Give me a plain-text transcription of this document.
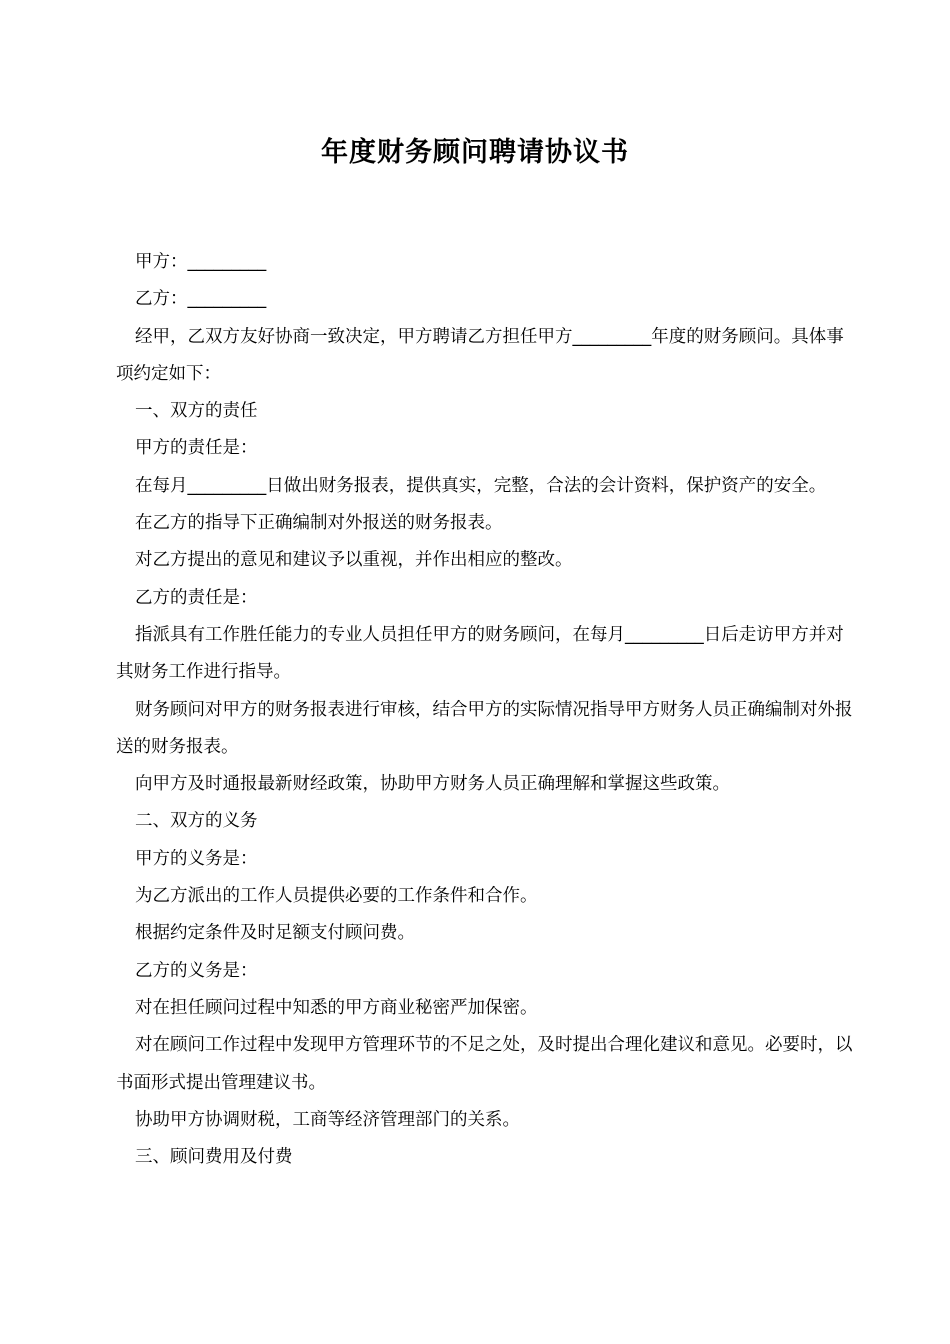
年度财务顾问聘请协议书

甲方：_________

乙方：_________

经甲，乙双方友好协商一致决定，甲方聘请乙方担任甲方_________年度的财务顾问。具体事项约定如下：

一、双方的责任

甲方的责任是：

在每月_________日做出财务报表，提供真实，完整，合法的会计资料，保护资产的安全。

在乙方的指导下正确编制对外报送的财务报表。

对乙方提出的意见和建议予以重视，并作出相应的整改。

乙方的责任是：

指派具有工作胜任能力的专业人员担任甲方的财务顾问，在每月_________日后走访甲方并对其财务工作进行指导。

财务顾问对甲方的财务报表进行审核，结合甲方的实际情况指导甲方财务人员正确编制对外报送的财务报表。

向甲方及时通报最新财经政策，协助甲方财务人员正确理解和掌握这些政策。

二、双方的义务

甲方的义务是：

为乙方派出的工作人员提供必要的工作条件和合作。

根据约定条件及时足额支付顾问费。

乙方的义务是：

对在担任顾问过程中知悉的甲方商业秘密严加保密。

对在顾问工作过程中发现甲方管理环节的不足之处，及时提出合理化建议和意见。必要时，以书面形式提出管理建议书。

协助甲方协调财税，工商等经济管理部门的关系。

三、顾问费用及付费
